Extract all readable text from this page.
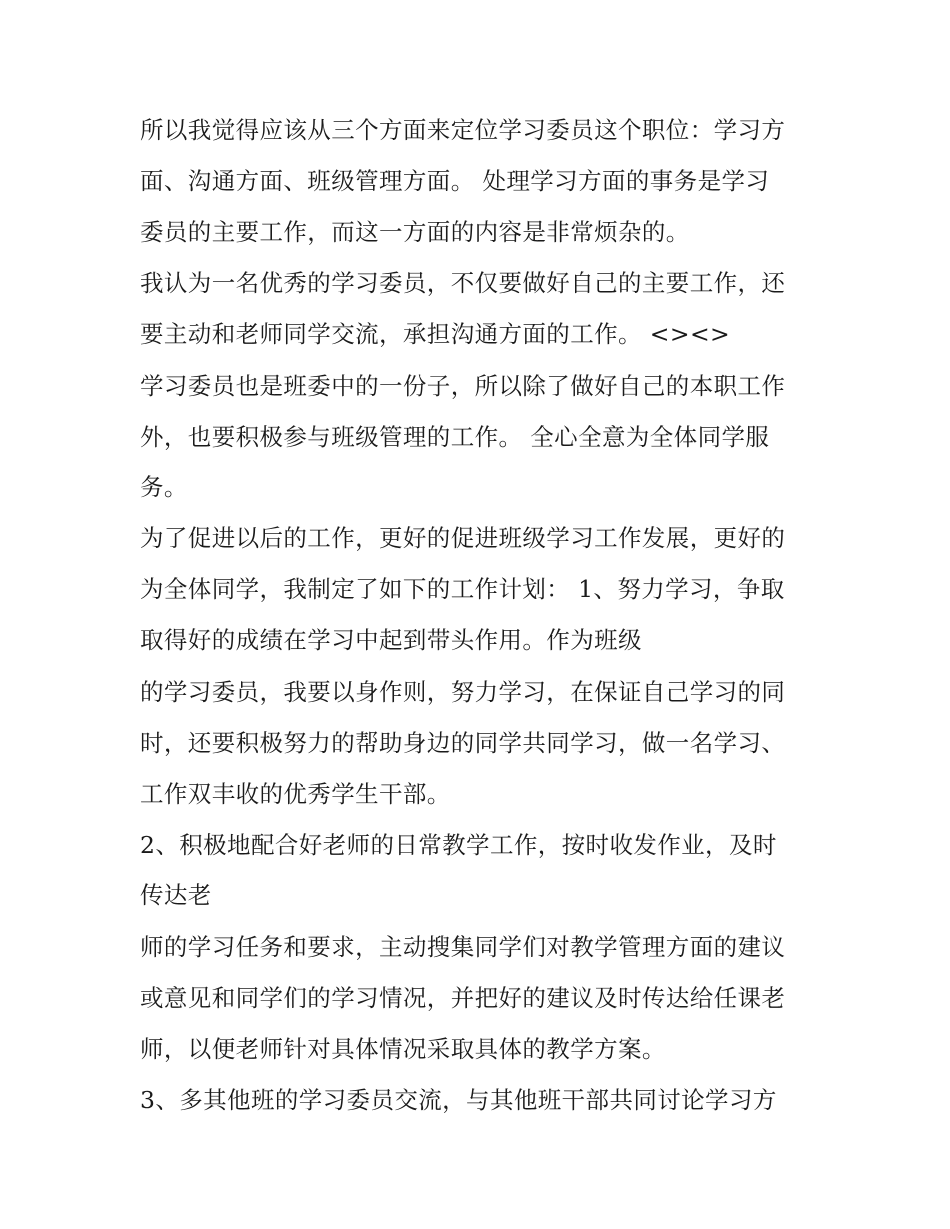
所以我觉得应该从三个方面来定位学习委员这个职位：学习方
面、沟通方面、班级管理方面。 处理学习方面的事务是学习
委员的主要工作，而这一方面的内容是非常烦杂的。
我认为一名优秀的学习委员，不仅要做好自己的主要工作，还
要主动和老师同学交流，承担沟通方面的工作。 <><>
学习委员也是班委中的一份子，所以除了做好自己的本职工作
外，也要积极参与班级管理的工作。 全心全意为全体同学服
务。
为了促进以后的工作，更好的促进班级学习工作发展，更好的
为全体同学，我制定了如下的工作计划： 1、努力学习，争取
取得好的成绩在学习中起到带头作用。作为班级
的学习委员，我要以身作则，努力学习，在保证自己学习的同
时，还要积极努力的帮助身边的同学共同学习，做一名学习、
工作双丰收的优秀学生干部。
2、积极地配合好老师的日常教学工作，按时收发作业，及时
传达老
师的学习任务和要求，主动搜集同学们对教学管理方面的建议
或意见和同学们的学习情况，并把好的建议及时传达给任课老
师，以便老师针对具体情况采取具体的教学方案。
3、多其他班的学习委员交流，与其他班干部共同讨论学习方
